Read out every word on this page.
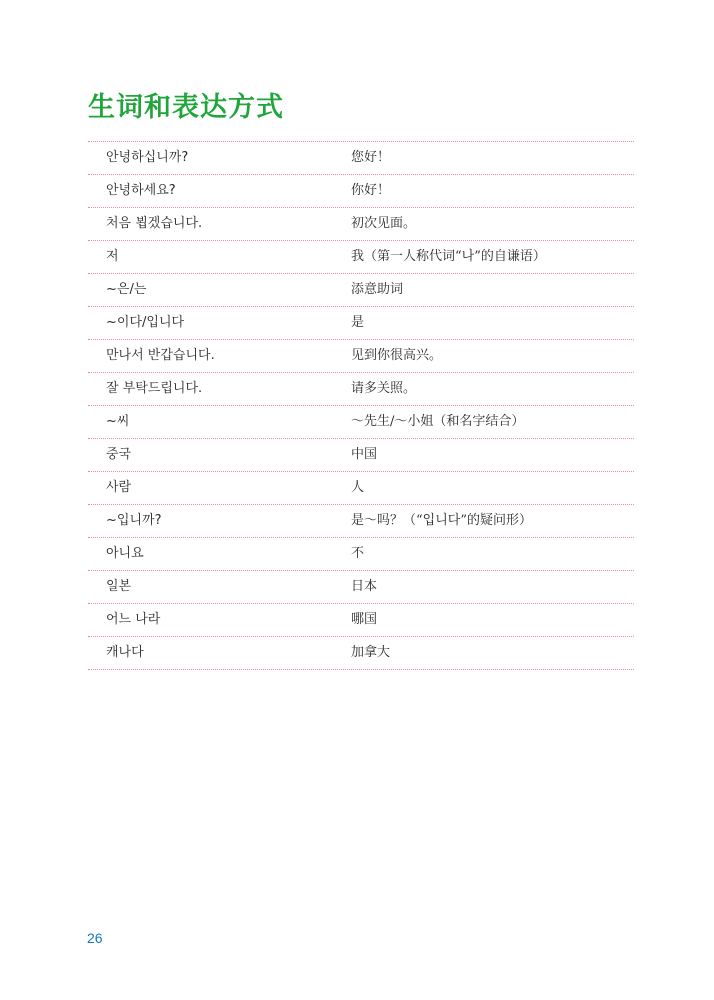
生词和表达方式
안녕하십니까?	您好！
안녕하세요?	你好！
처음 뵙겠습니다.	初次见面。
저	我（第一人称代词“나”的自谦语）
~은/는	添意助词
~이다/입니다	是
만나서 반갑습니다.	见到你很高兴。
잘 부탁드립니다.	请多关照。
~씨	～先生/～小姐（和名字结合）
중국	中国
사람	人
~입니까?	是～吗？（“입니다”的疑问形）
아니요	不
일본	日本
어느 나라	哪国
캐나다	加拿大
26
